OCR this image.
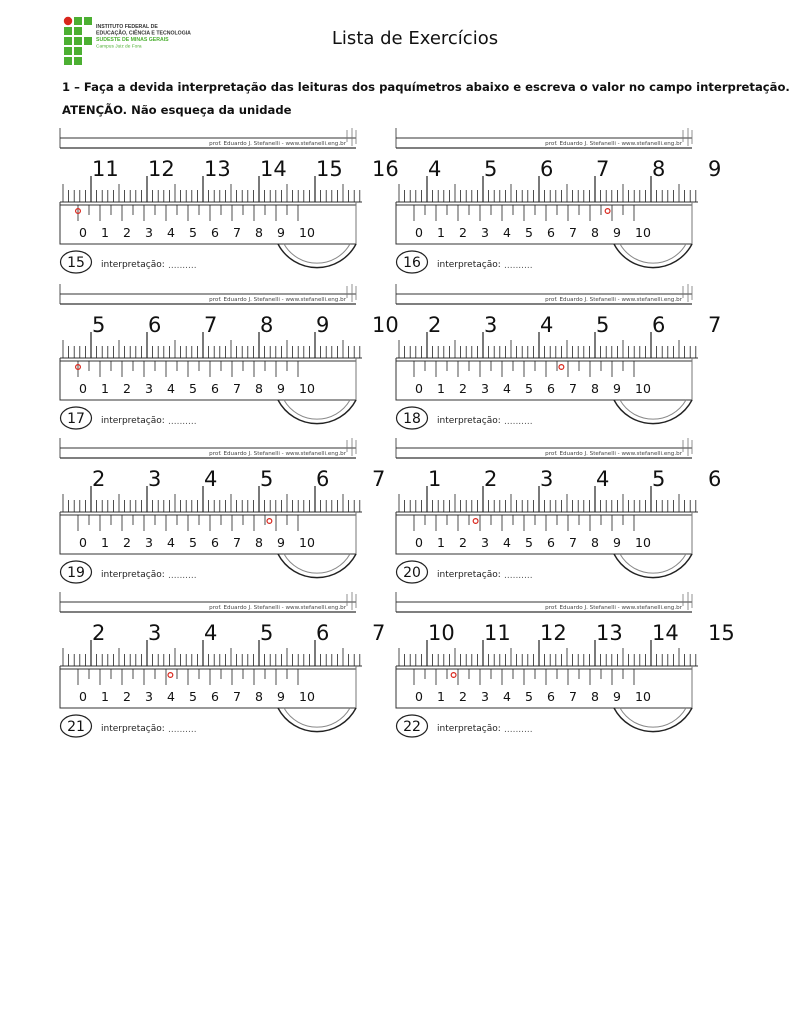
INSTITUTO FEDERAL DE
EDUCAÇÃO, CIÊNCIA E TECNOLOGIA
SUDESTE DE MINAS GERAIS
Campus Juiz de Fora	Lista de Exercícios
1 – Faça a devida interpretação das leituras dos paquímetros abaixo e escreva o valor no campo interpretação.
ATENÇÃO. Não esqueça da unidade
prof. Eduardo J. Stefanelli - www.stefanelli.eng.br
11 12 13 14 15 16
0 1 2 3 4 5 6 7 8 9 10
15 interpretação: ..........
prof. Eduardo J. Stefanelli - www.stefanelli.eng.br
4 5 6 7 8 9
0 1 2 3 4 5 6 7 8 9 10
16 interpretação: ..........
prof. Eduardo J. Stefanelli - www.stefanelli.eng.br
5 6 7 8 9 10
0 1 2 3 4 5 6 7 8 9 10
17 interpretação: ..........
prof. Eduardo J. Stefanelli - www.stefanelli.eng.br
2 3 4 5 6 7
0 1 2 3 4 5 6 7 8 9 10
18 interpretação: ..........
prof. Eduardo J. Stefanelli - www.stefanelli.eng.br
2 3 4 5 6 7
0 1 2 3 4 5 6 7 8 9 10
19 interpretação: ..........
prof. Eduardo J. Stefanelli - www.stefanelli.eng.br
1 2 3 4 5 6
0 1 2 3 4 5 6 7 8 9 10
20 interpretação: ..........
prof. Eduardo J. Stefanelli - www.stefanelli.eng.br
2 3 4 5 6 7
0 1 2 3 4 5 6 7 8 9 10
21 interpretação: ..........
prof. Eduardo J. Stefanelli - www.stefanelli.eng.br
10 11 12 13 14 15
0 1 2 3 4 5 6 7 8 9 10
22 interpretação: ..........
